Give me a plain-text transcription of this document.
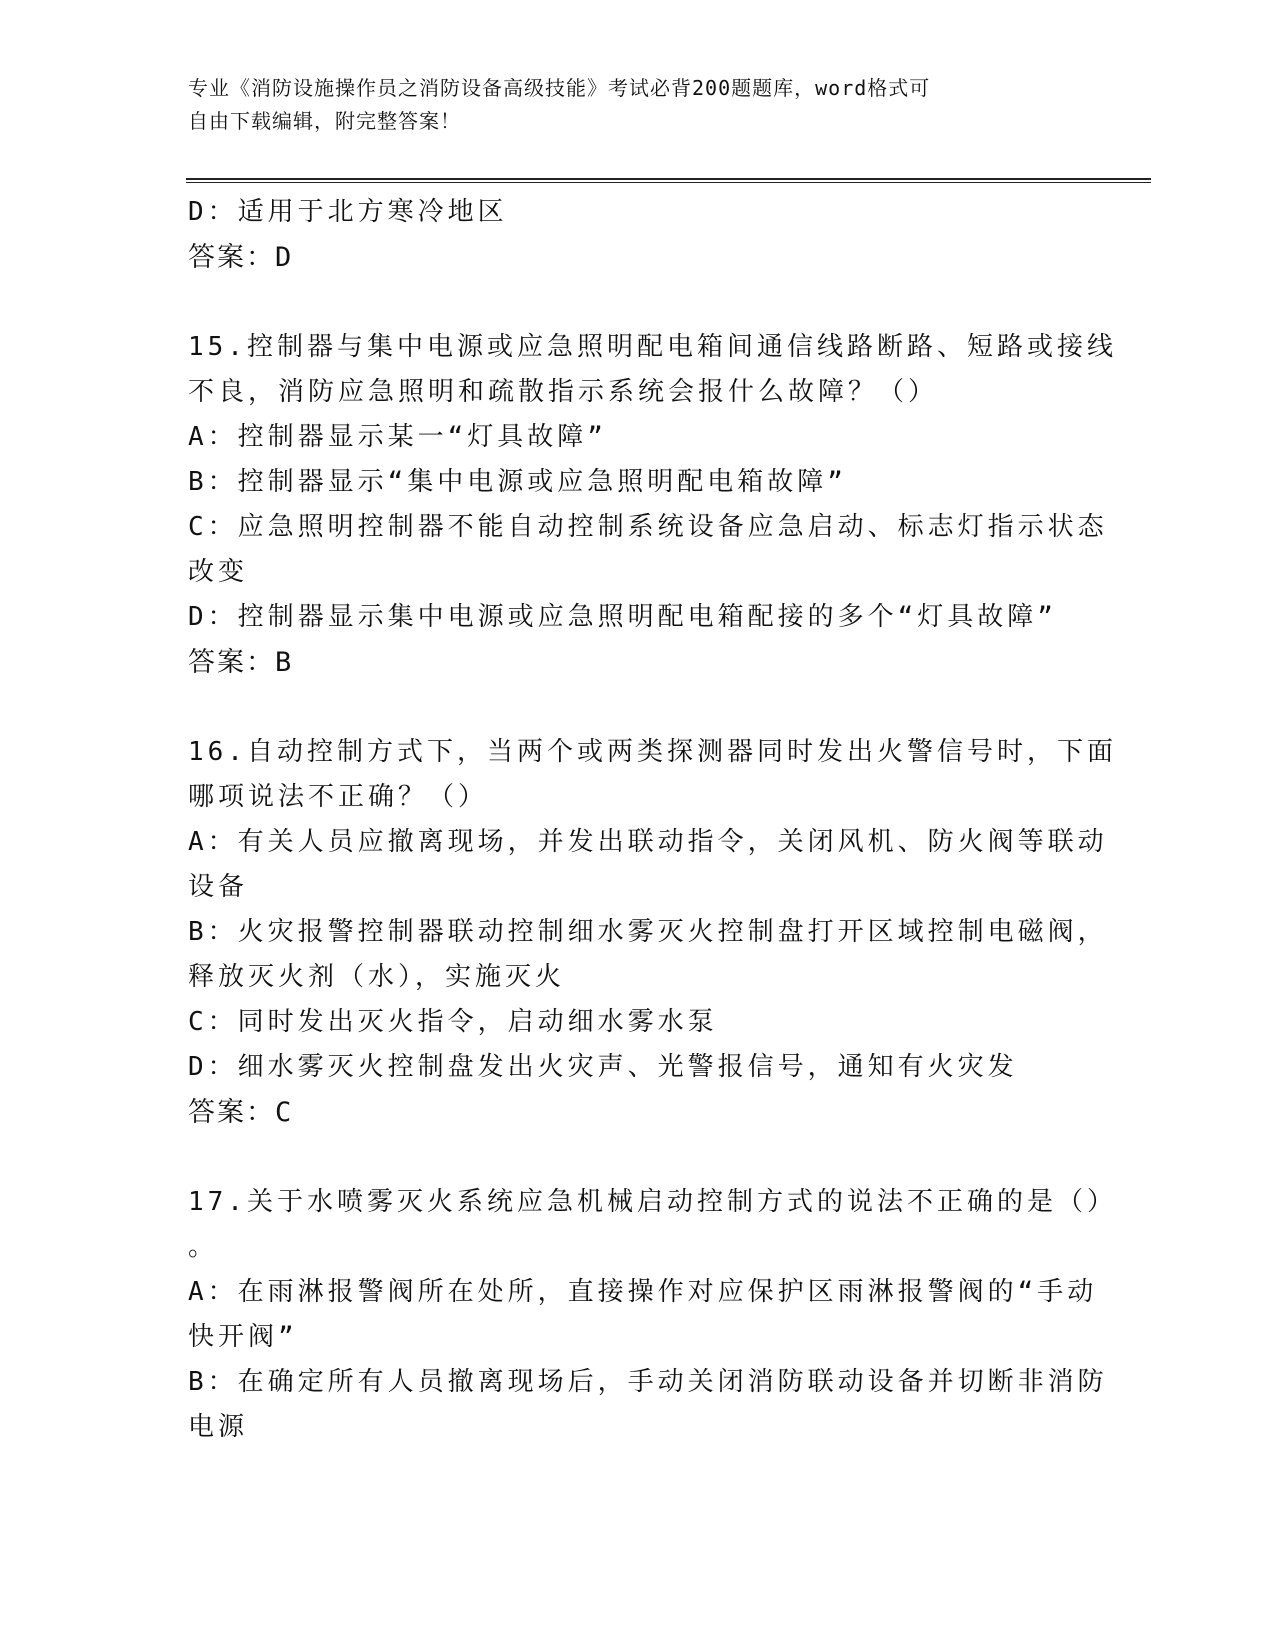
专业《消防设施操作员之消防设备高级技能》考试必背200题题库，word格式可
自由下载编辑，附完整答案！
D：适用于北方寒冷地区
答案：D
15.控制器与集中电源或应急照明配电箱间通信线路断路、短路或接线
不良，消防应急照明和疏散指示系统会报什么故障？（）
A：控制器显示某一“灯具故障”
B：控制器显示“集中电源或应急照明配电箱故障”
C：应急照明控制器不能自动控制系统设备应急启动、标志灯指示状态
改变
D：控制器显示集中电源或应急照明配电箱配接的多个“灯具故障”
答案：B
16.自动控制方式下，当两个或两类探测器同时发出火警信号时，下面
哪项说法不正确？（）
A：有关人员应撤离现场，并发出联动指令，关闭风机、防火阀等联动
设备
B：火灾报警控制器联动控制细水雾灭火控制盘打开区域控制电磁阀，
释放灭火剂（水），实施灭火
C：同时发出灭火指令，启动细水雾水泵
D：细水雾灭火控制盘发出火灾声、光警报信号，通知有火灾发
答案：C
17.关于水喷雾灭火系统应急机械启动控制方式的说法不正确的是（）
。
A：在雨淋报警阀所在处所，直接操作对应保护区雨淋报警阀的“手动
快开阀”
B：在确定所有人员撤离现场后，手动关闭消防联动设备并切断非消防
电源
